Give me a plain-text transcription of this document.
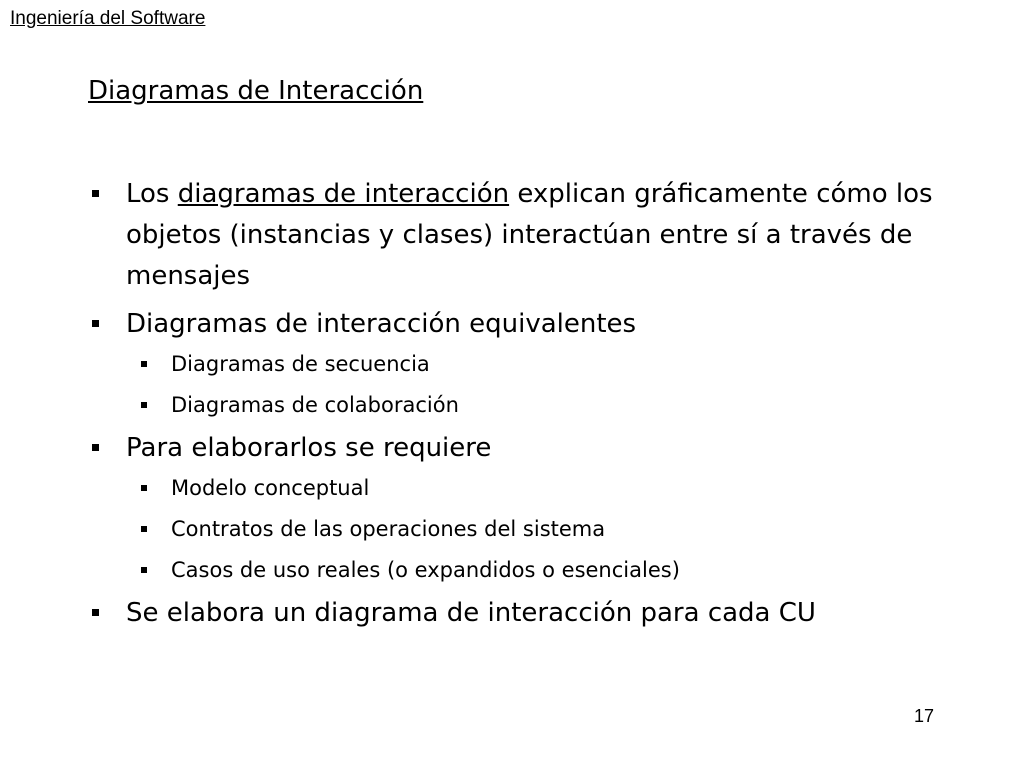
Ingeniería del Software
Diagramas de Interacción
Los diagramas de interacción explican gráficamente cómo los objetos (instancias y clases) interactúan entre sí a través de mensajes
Diagramas de interacción equivalentes
Diagramas de secuencia
Diagramas de colaboración
Para elaborarlos se requiere
Modelo conceptual
Contratos de las operaciones del sistema
Casos de uso reales (o expandidos o esenciales)
Se elabora un diagrama de interacción para cada CU
17
